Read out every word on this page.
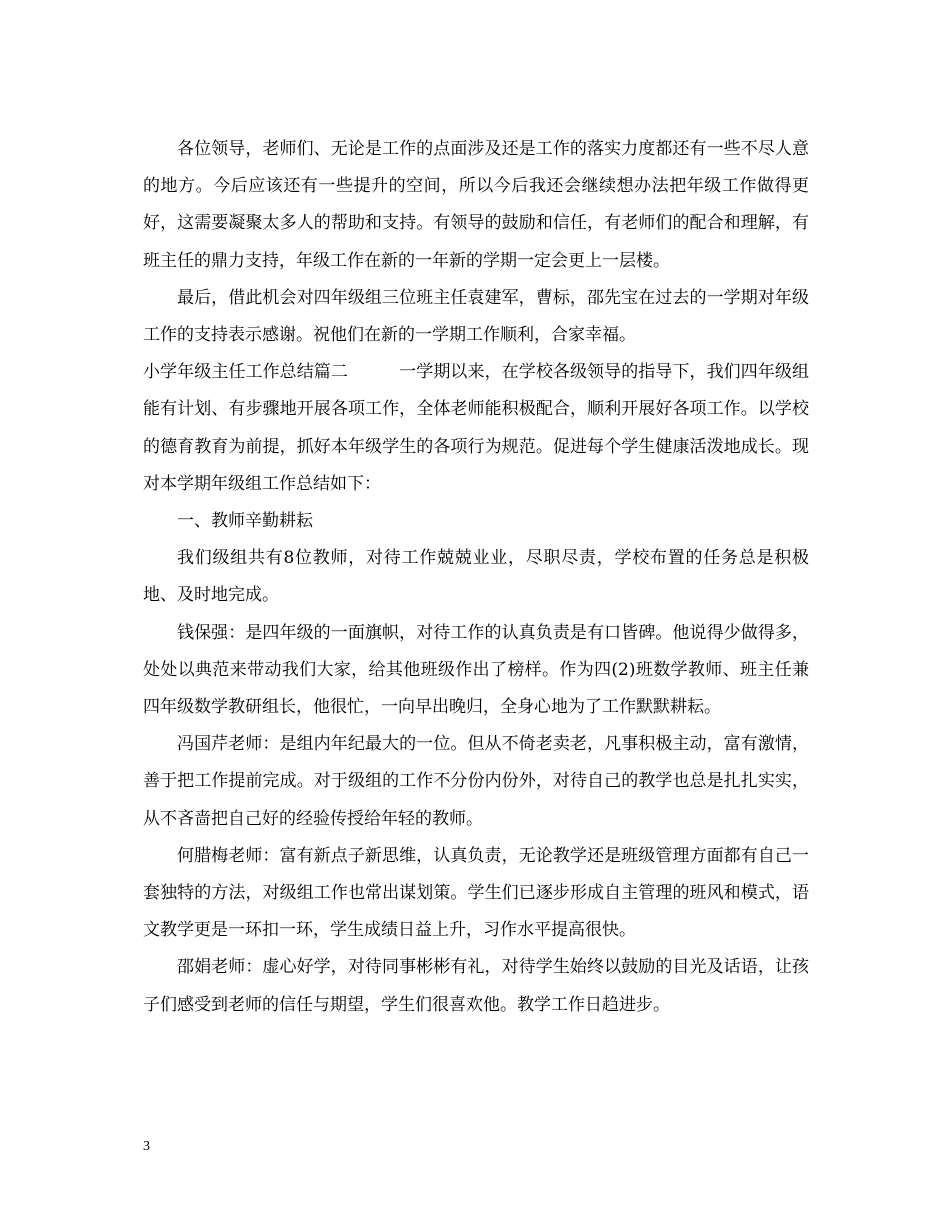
各位领导，老师们、无论是工作的点面涉及还是工作的落实力度都还有一些不尽人意的地方。今后应该还有一些提升的空间，所以今后我还会继续想办法把年级工作做得更好，这需要凝聚太多人的帮助和支持。有领导的鼓励和信任，有老师们的配合和理解，有班主任的鼎力支持，年级工作在新的一年新的学期一定会更上一层楼。

最后，借此机会对四年级组三位班主任袁建军，曹标，邵先宝在过去的一学期对年级工作的支持表示感谢。祝他们在新的一学期工作顺利，合家幸福。

小学年级主任工作总结篇二　　　一学期以来，在学校各级领导的指导下，我们四年级组能有计划、有步骤地开展各项工作，全体老师能积极配合，顺利开展好各项工作。以学校的德育教育为前提，抓好本年级学生的各项行为规范。促进每个学生健康活泼地成长。现对本学期年级组工作总结如下：

一、教师辛勤耕耘

我们级组共有8位教师，对待工作兢兢业业，尽职尽责，学校布置的任务总是积极地、及时地完成。

钱保强：是四年级的一面旗帜，对待工作的认真负责是有口皆碑。他说得少做得多，处处以典范来带动我们大家，给其他班级作出了榜样。作为四(2)班数学教师、班主任兼四年级数学教研组长，他很忙，一向早出晚归，全身心地为了工作默默耕耘。

冯国芹老师：是组内年纪最大的一位。但从不倚老卖老，凡事积极主动，富有激情，善于把工作提前完成。对于级组的工作不分份内份外，对待自己的教学也总是扎扎实实，从不吝啬把自己好的经验传授给年轻的教师。

何腊梅老师：富有新点子新思维，认真负责，无论教学还是班级管理方面都有自己一套独特的方法，对级组工作也常出谋划策。学生们已逐步形成自主管理的班风和模式，语文教学更是一环扣一环，学生成绩日益上升，习作水平提高很快。

邵娟老师：虚心好学，对待同事彬彬有礼，对待学生始终以鼓励的目光及话语，让孩子们感受到老师的信任与期望，学生们很喜欢他。教学工作日趋进步。

3
